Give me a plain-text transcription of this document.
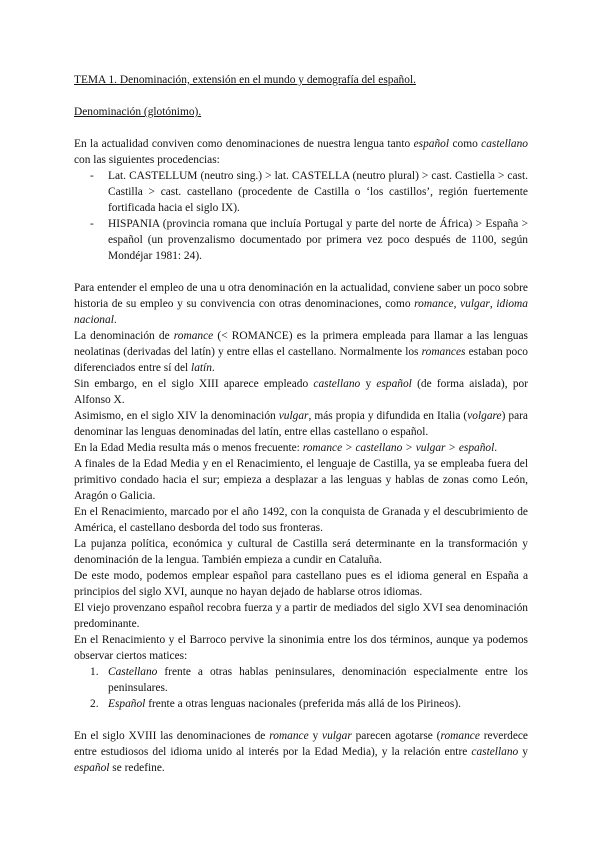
TEMA 1. Denominación, extensión en el mundo y demografía del español.
Denominación (glotónimo).

En la actualidad conviven como denominaciones de nuestra lengua tanto español como castellano con las siguientes procedencias:

- Lat. CASTELLUM (neutro sing.) > lat. CASTELLA (neutro plural) > cast. Castiella > cast. Castilla > cast. castellano (procedente de Castilla o ‘los castillos’, región fuertemente fortificada hacia el siglo IX).
- HISPANIA (provincia romana que incluía Portugal y parte del norte de África) > España > español (un provenzalismo documentado por primera vez poco después de 1100, según Mondéjar 1981: 24).

Para entender el empleo de una u otra denominación en la actualidad, conviene saber un poco sobre historia de su empleo y su convivencia con otras denominaciones, como romance, vulgar, idioma nacional.

La denominación de romance (< ROMANCE) es la primera empleada para llamar a las lenguas neolatinas (derivadas del latín) y entre ellas el castellano. Normalmente los romances estaban poco diferenciados entre sí del latín.

Sin embargo, en el siglo XIII aparece empleado castellano y español (de forma aislada), por Alfonso X.

Asimismo, en el siglo XIV la denominación vulgar, más propia y difundida en Italia (volgare) para denominar las lenguas denominadas del latín, entre ellas castellano o español.

En la Edad Media resulta más o menos frecuente: romance > castellano > vulgar > español.

A finales de la Edad Media y en el Renacimiento, el lenguaje de Castilla, ya se empleaba fuera del primitivo condado hacia el sur; empieza a desplazar a las lenguas y hablas de zonas como León, Aragón o Galicia.

En el Renacimiento, marcado por el año 1492, con la conquista de Granada y el descubrimiento de América, el castellano desborda del todo sus fronteras.

La pujanza política, económica y cultural de Castilla será determinante en la transformación y denominación de la lengua. También empieza a cundir en Cataluña.

De este modo, podemos emplear español para castellano pues es el idioma general en España a principios del siglo XVI, aunque no hayan dejado de hablarse otros idiomas.

El viejo provenzano español recobra fuerza y a partir de mediados del siglo XVI sea denominación predominante.

En el Renacimiento y el Barroco pervive la sinonimia entre los dos términos, aunque ya podemos observar ciertos matices:

1. Castellano frente a otras hablas peninsulares, denominación especialmente entre los peninsulares.
2. Español frente a otras lenguas nacionales (preferida más allá de los Pirineos).

En el siglo XVIII las denominaciones de romance y vulgar parecen agotarse (romance reverdece entre estudiosos del idioma unido al interés por la Edad Media), y la relación entre castellano y español se redefine.
